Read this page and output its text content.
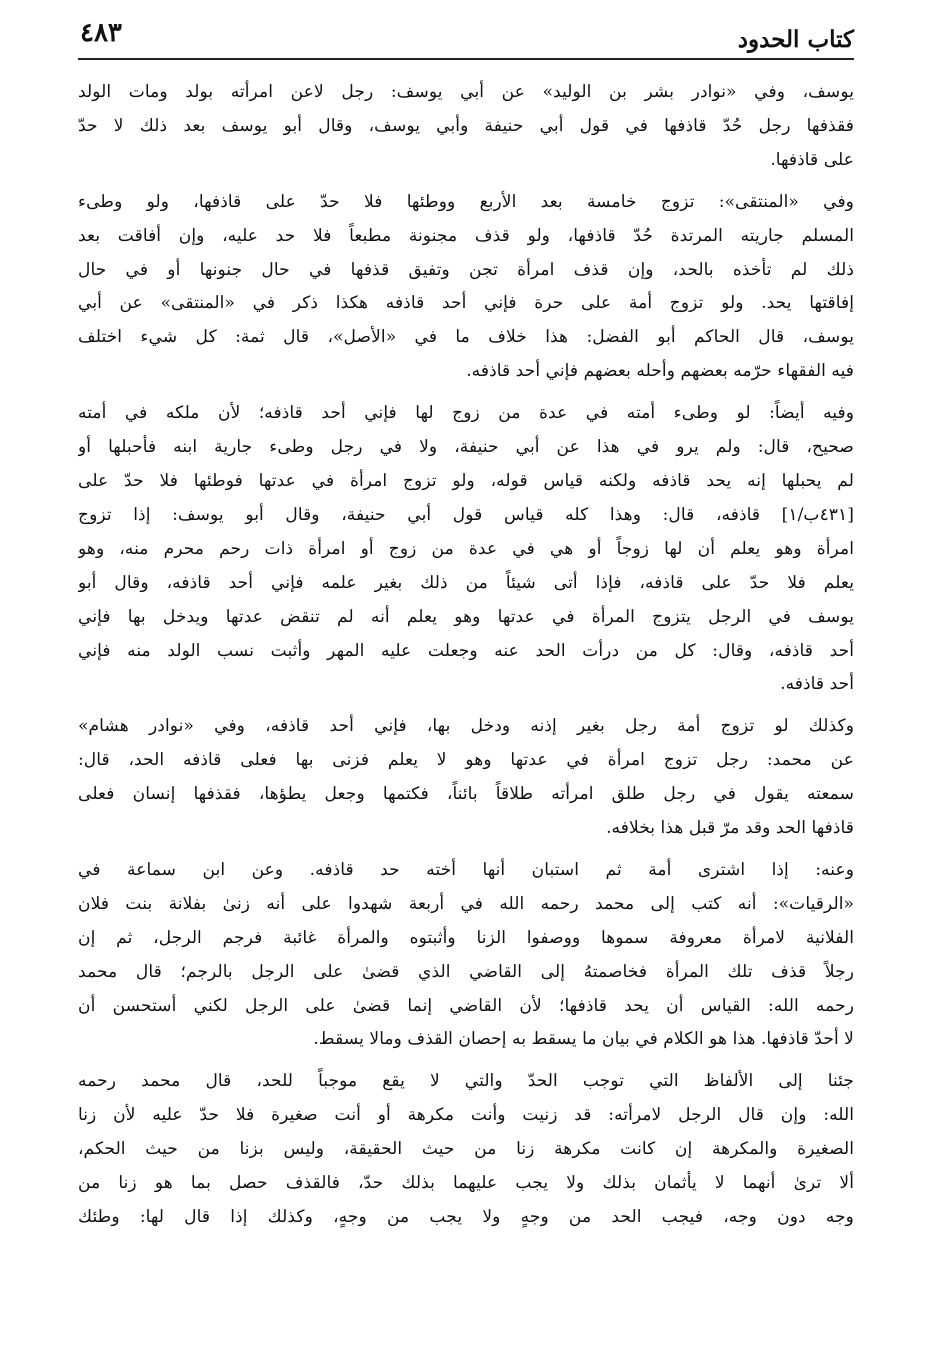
كتاب الحدود
٤٨٣

يوسف، وفي «نوادر بشر بن الوليد» عن أبي يوسف: رجل لاعن امرأته بولد ومات الولد
فقذفها رجل حُدّ قاذفها في قول أبي حنيفة وأبي يوسف، وقال أبو يوسف بعد ذلك لا حدّ
على قاذفها.

وفي «المنتقى»: تزوج خامسة بعد الأربع ووطئها فلا حدّ على قاذفها، ولو وطىء
المسلم جاريته المرتدة حُدّ قاذفها، ولو قذف مجنونة مطبعاً فلا حد عليه، وإن أفاقت بعد
ذلك لم تأخذه بالحد، وإن قذف امرأة تجن وتفيق قذفها في حال جنونها أو في حال
إفاقتها يحد. ولو تزوج أمة على حرة فإني أحد قاذفه هكذا ذكر في «المنتقى» عن أبي
يوسف، قال الحاكم أبو الفضل: هذا خلاف ما في «الأصل»، قال ثمة: كل شيء اختلف
فيه الفقهاء حرّمه بعضهم وأحله بعضهم فإني أحد قاذفه.

وفيه أيضاً: لو وطىء أمته في عدة من زوج لها فإني أحد قاذفه؛ لأن ملكه في أمته
صحيح، قال: ولم يرو في هذا عن أبي حنيفة، ولا في رجل وطىء جارية ابنه فأحبلها أو
لم يحبلها إنه يحد قاذفه ولكنه قياس قوله، ولو تزوج امرأة في عدتها فوطئها فلا حدّ على
[٤٣١ب/١] قاذفه، قال: وهذا كله قياس قول أبي حنيفة، وقال أبو يوسف: إذا تزوج
امرأة وهو يعلم أن لها زوجاً أو هي في عدة من زوج أو امرأة ذات رحم محرم منه، وهو
يعلم فلا حدّ على قاذفه، فإذا أتى شيئاً من ذلك بغير علمه فإني أحد قاذفه، وقال أبو
يوسف في الرجل يتزوج المرأة في عدتها وهو يعلم أنه لم تنقض عدتها ويدخل بها فإني
أحد قاذفه، وقال: كل من درأت الحد عنه وجعلت عليه المهر وأثبت نسب الولد منه فإني
أحد قاذفه.

وكذلك لو تزوج أمة رجل بغير إذنه ودخل بها، فإني أحد قاذفه، وفي «نوادر هشام»
عن محمد: رجل تزوج امرأة في عدتها وهو لا يعلم فزنى بها فعلى قاذفه الحد، قال:
سمعته يقول في رجل طلق امرأته طلاقاً بائناً، فكتمها وجعل يطؤها، فقذفها إنسان فعلى
قاذفها الحد وقد مرّ قبل هذا بخلافه.

وعنه: إذا اشترى أمة ثم استبان أنها أخته حد قاذفه. وعن ابن سماعة في
«الرقيات»: أنه كتب إلى محمد رحمه الله في أربعة شهدوا على أنه زنىٰ بفلانة بنت فلان
الفلانية لامرأة معروفة سموها ووصفوا الزنا وأثبتوه والمرأة غائبة فرجم الرجل، ثم إن
رجلاً قذف تلك المرأة فخاصمتهُ إلى القاضي الذي قضىٰ على الرجل بالرجم؛ قال محمد
رحمه الله: القياس أن يحد قاذفها؛ لأن القاضي إنما قضىٰ على الرجل لكني أستحسن أن
لا أحدّ قاذفها. هذا هو الكلام في بيان ما يسقط به إحصان القذف ومالا يسقط.

جئنا إلى الألفاظ التي توجب الحدّ والتي لا يقع موجباً للحد، قال محمد رحمه
الله: وإن قال الرجل لامرأته: قد زنيت وأنت مكرهة أو أنت صغيرة فلا حدّ عليه لأن زنا
الصغيرة والمكرهة إن كانت مكرهة زنا من حيث الحقيقة، وليس بزنا من حيث الحكم،
ألا ترىٰ أنهما لا يأثمان بذلك ولا يجب عليهما بذلك حدّ، فالقذف حصل بما هو زنا من
وجه دون وجه، فيجب الحد من وجهٍ ولا يجب من وجهٍ، وكذلك إذا قال لها: وطئك
